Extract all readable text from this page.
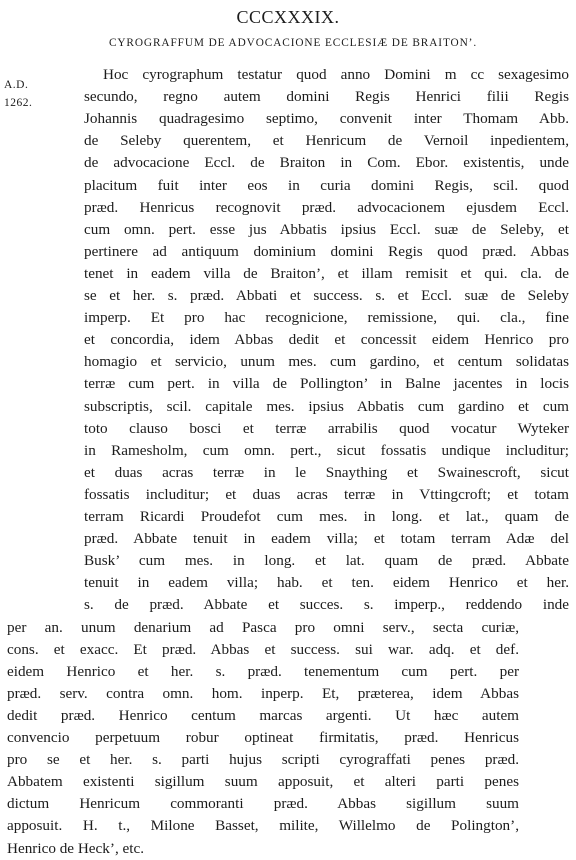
CCCXXXIX.
CYROGRAFFUM DE ADVOCACIONE ECCLESIÆ DE BRAITON’.
A.D.
1262.
Hoc cyrographum testatur quod anno Domini m cc sexagesimo
secundo, regno autem domini Regis Henrici filii Regis
Johannis quadragesimo septimo, convenit inter Thomam Abb.
de Seleby querentem, et Henricum de Vernoil inpedientem,
de advocacione Eccl. de Braiton in Com. Ebor. existentis, unde
placitum fuit inter eos in curia domini Regis, scil. quod
præd. Henricus recognovit præd. advocacionem ejusdem Eccl.
cum omn. pert. esse jus Abbatis ipsius Eccl. suæ de Seleby, et
pertinere ad antiquum dominium domini Regis quod præd. Abbas
tenet in eadem villa de Braiton’, et illam remisit et qui. cla. de
se et her. s. præd. Abbati et success. s. et Eccl. suæ de Seleby
imperp. Et pro hac recognicione, remissione, qui. cla., fine
et concordia, idem Abbas dedit et concessit eidem Henrico pro
homagio et servicio, unum mes. cum gardino, et centum solidatas
terræ cum pert. in villa de Pollington’ in Balne jacentes in locis
subscriptis, scil. capitale mes. ipsius Abbatis cum gardino et cum
toto clauso bosci et terræ arrabilis quod vocatur Wyteker
in Ramesholm, cum omn. pert., sicut fossatis undique includitur;
et duas acras terræ in le Snaything et Swainescroft, sicut
fossatis includitur; et duas acras terræ in Vttingcroft; et totam
terram Ricardi Proudefot cum mes. in long. et lat., quam de
præd. Abbate tenuit in eadem villa; et totam terram Adæ del
Busk’ cum mes. in long. et lat. quam de præd. Abbate
tenuit in eadem villa; hab. et ten. eidem Henrico et her.
s. de præd. Abbate et succes. s. imperp., reddendo inde
per an. unum denarium ad Pasca pro omni serv., secta curiæ,
cons. et exacc. Et præd. Abbas et success. sui war. adq. et def.
eidem Henrico et her. s. præd. tenementum cum pert. per
præd. serv. contra omn. hom. inperp. Et, præterea, idem Abbas
dedit præd. Henrico centum marcas argenti. Ut hæc autem
convencio perpetuum robur optineat firmitatis, præd. Henricus
pro se et her. s. parti hujus scripti cyrograffati penes præd.
Abbatem existenti sigillum suum apposuit, et alteri parti penes
dictum Henricum commoranti præd. Abbas sigillum suum
apposuit. H. t., Milone Basset, milite, Willelmo de Polington’,
Henrico de Heck’, etc.
